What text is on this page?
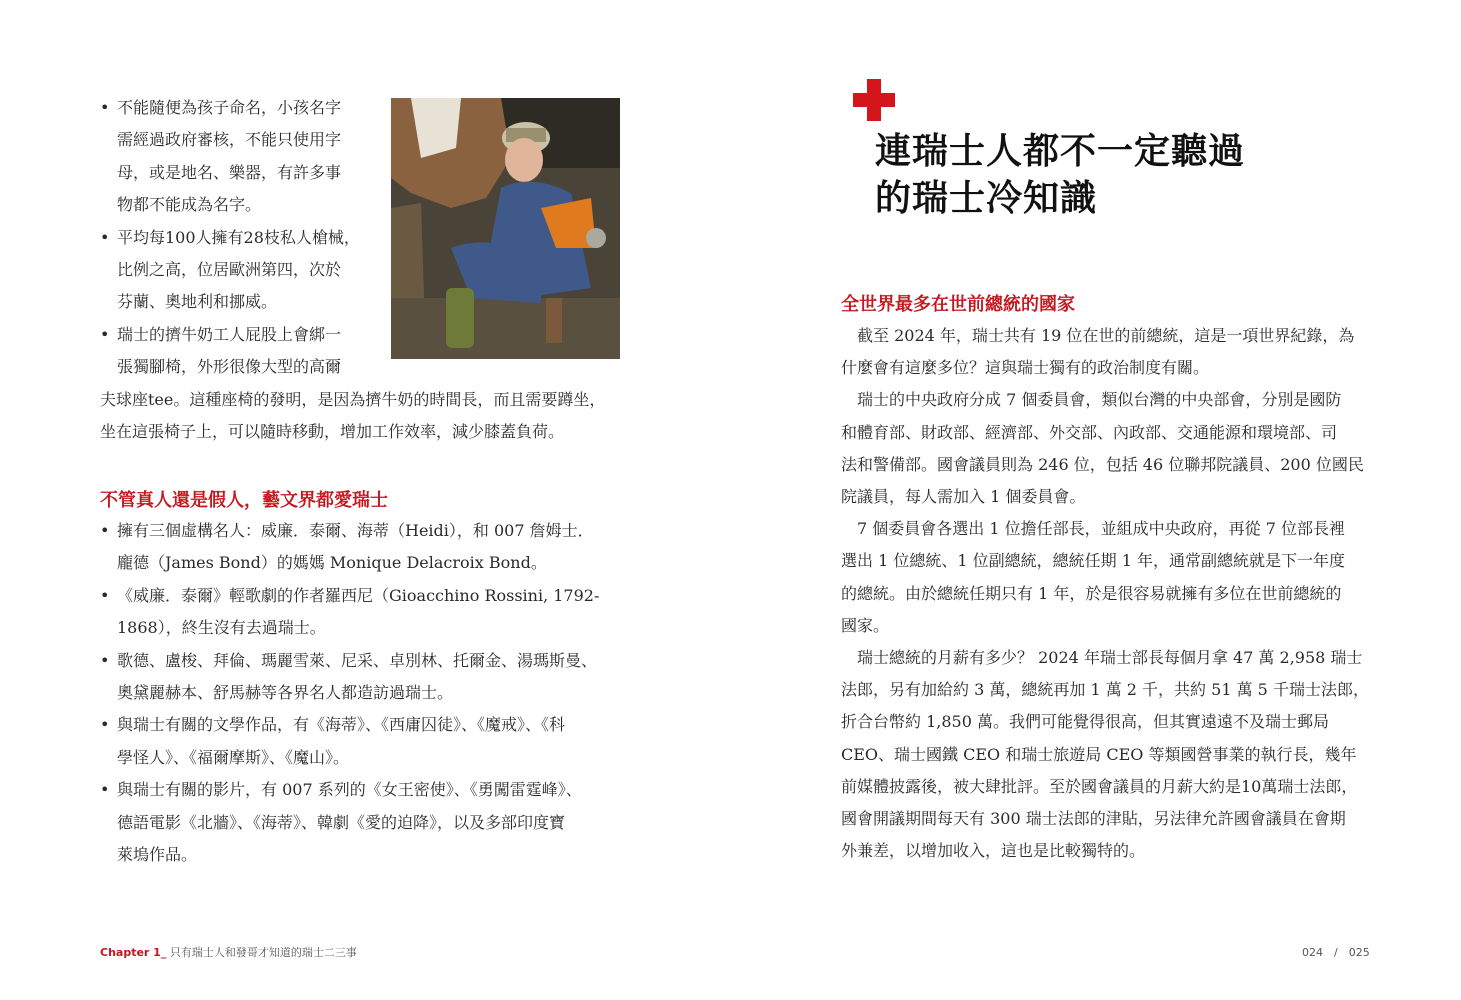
• 不能隨便為孩子命名，小孩名字
需經過政府審核，不能只使用字
母，或是地名、樂器，有許多事
物都不能成為名字。
• 平均每100人擁有28枝私人槍械，
比例之高，位居歐洲第四，次於
芬蘭、奧地利和挪威。
• 瑞士的擠牛奶工人屁股上會綁一
張獨腳椅，外形很像大型的高爾
夫球座tee。這種座椅的發明，是因為擠牛奶的時間長，而且需要蹲坐，
坐在這張椅子上，可以隨時移動，增加工作效率，減少膝蓋負荷。
不管真人還是假人，藝文界都愛瑞士
• 擁有三個虛構名人：威廉．泰爾、海蒂（Heidi），和 007 詹姆士．
龐德（James Bond）的媽媽 Monique Delacroix Bond。
• 《威廉．泰爾》輕歌劇的作者羅西尼（Gioacchino Rossini, 1792-
1868），終生沒有去過瑞士。
• 歌德、盧梭、拜倫、瑪麗雪萊、尼采、卓別林、托爾金、湯瑪斯曼、
奧黛麗赫本、舒馬赫等各界名人都造訪過瑞士。
• 與瑞士有關的文學作品，有《海蒂》、《西庸囚徒》、《魔戒》、《科
學怪人》、《福爾摩斯》、《魔山》。
• 與瑞士有關的影片，有 007 系列的《女王密使》、《勇闖雷霆峰》、
德語電影《北牆》、《海蒂》、韓劇《愛的迫降》，以及多部印度寶
萊塢作品。
Chapter 1_ 只有瑞士人和發哥才知道的瑞士二三事
連瑞士人都不一定聽過
的瑞士冷知識
全世界最多在世前總統的國家
　截至 2024 年，瑞士共有 19 位在世的前總統，這是一項世界紀錄，為
什麼會有這麼多位？這與瑞士獨有的政治制度有關。
　瑞士的中央政府分成 7 個委員會，類似台灣的中央部會，分別是國防
和體育部、財政部、經濟部、外交部、內政部、交通能源和環境部、司
法和警備部。國會議員則為 246 位，包括 46 位聯邦院議員、200 位國民
院議員，每人需加入 1 個委員會。
　7 個委員會各選出 1 位擔任部長，並組成中央政府，再從 7 位部長裡
選出 1 位總統、1 位副總統，總統任期 1 年，通常副總統就是下一年度
的總統。由於總統任期只有 1 年，於是很容易就擁有多位在世前總統的
國家。
　瑞士總統的月薪有多少？ 2024 年瑞士部長每個月拿 47 萬 2,958 瑞士
法郎，另有加給約 3 萬，總統再加 1 萬 2 千，共約 51 萬 5 千瑞士法郎，
折合台幣約 1,850 萬。我們可能覺得很高，但其實遠遠不及瑞士郵局
CEO、瑞士國鐵 CEO 和瑞士旅遊局 CEO 等類國營事業的執行長，幾年
前媒體披露後，被大肆批評。至於國會議員的月薪大約是10萬瑞士法郎，
國會開議期間每天有 300 瑞士法郎的津貼，另法律允許國會議員在會期
外兼差，以增加收入，這也是比較獨特的。
024　/　025
